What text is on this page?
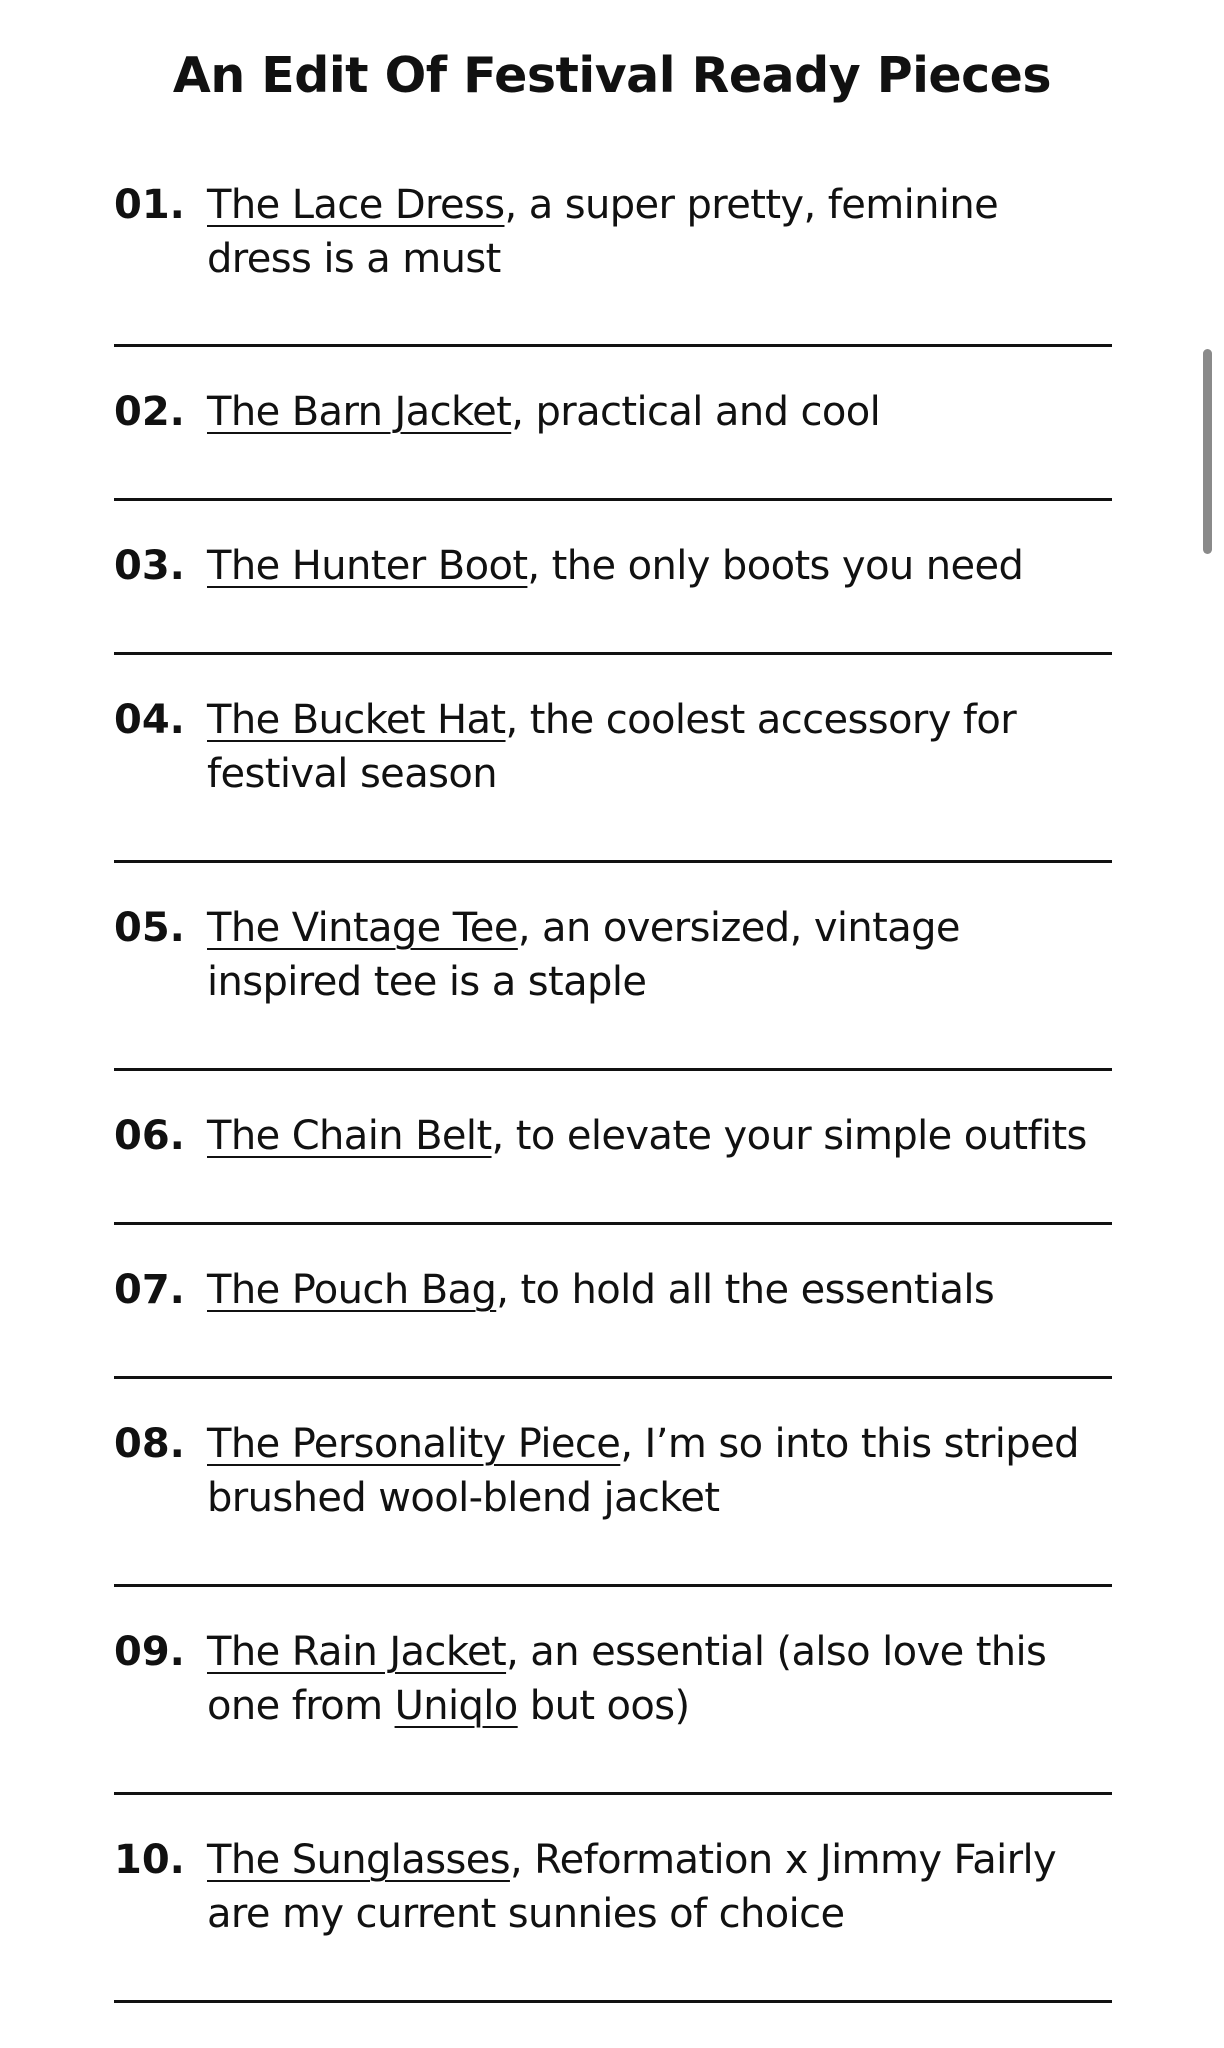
An Edit Of Festival Ready Pieces
01. The Lace Dress, a super pretty, feminine dress is a must
02. The Barn Jacket, practical and cool
03. The Hunter Boot, the only boots you need
04. The Bucket Hat, the coolest accessory for festival season
05. The Vintage Tee, an oversized, vintage inspired tee is a staple
06. The Chain Belt, to elevate your simple outfits
07. The Pouch Bag, to hold all the essentials
08. The Personality Piece, I’m so into this striped brushed wool-blend jacket
09. The Rain Jacket, an essential (also love this one from Uniqlo but oos)
10. The Sunglasses, Reformation x Jimmy Fairly are my current sunnies of choice
